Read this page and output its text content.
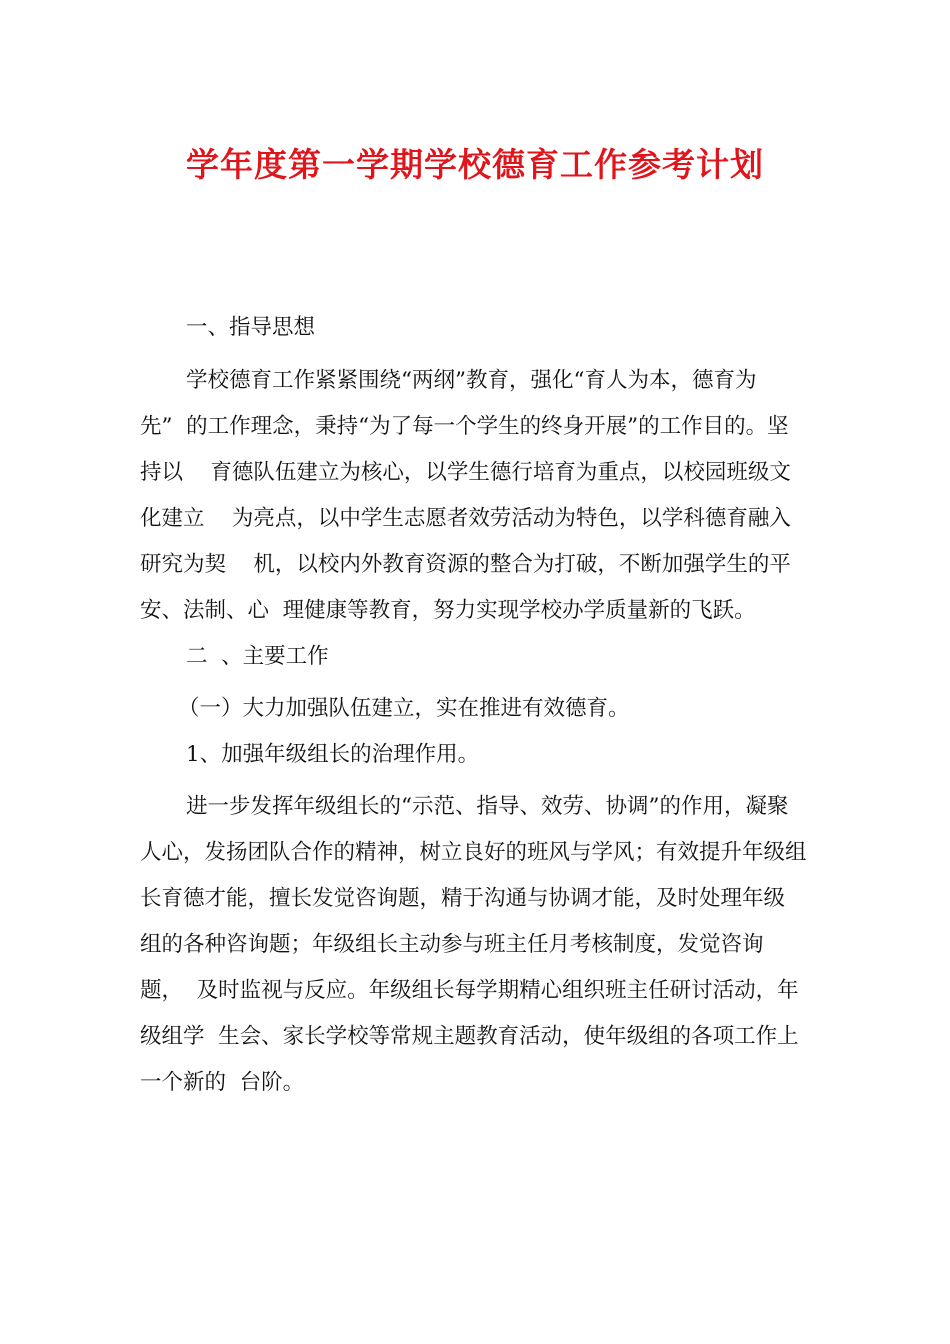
学年度第一学期学校德育工作参考计划
一、指导思想
学校德育工作紧紧围绕“两纲”教育，强化“育人为本，德育为
先”  的工作理念，秉持“为了每一个学生的终身开展”的工作目的。坚
持以    育德队伍建立为核心，以学生德行培育为重点，以校园班级文
化建立    为亮点，以中学生志愿者效劳活动为特色，以学科德育融入
研究为契    机，以校内外教育资源的整合为打破，不断加强学生的平
安、法制、心  理健康等教育，努力实现学校办学质量新的飞跃。
二  、主要工作
（一）大力加强队伍建立，实在推进有效德育。
1、加强年级组长的治理作用。
进一步发挥年级组长的“示范、指导、效劳、协调”的作用，凝聚
人心，发扬团队合作的精神，树立良好的班风与学风；有效提升年级组
长育德才能，擅长发觉咨询题，精于沟通与协调才能，及时处理年级
组的各种咨询题；年级组长主动参与班主任月考核制度，发觉咨询
题，  及时监视与反应。年级组长每学期精心组织班主任研讨活动，年
级组学  生会、家长学校等常规主题教育活动，使年级组的各项工作上
一个新的  台阶。
